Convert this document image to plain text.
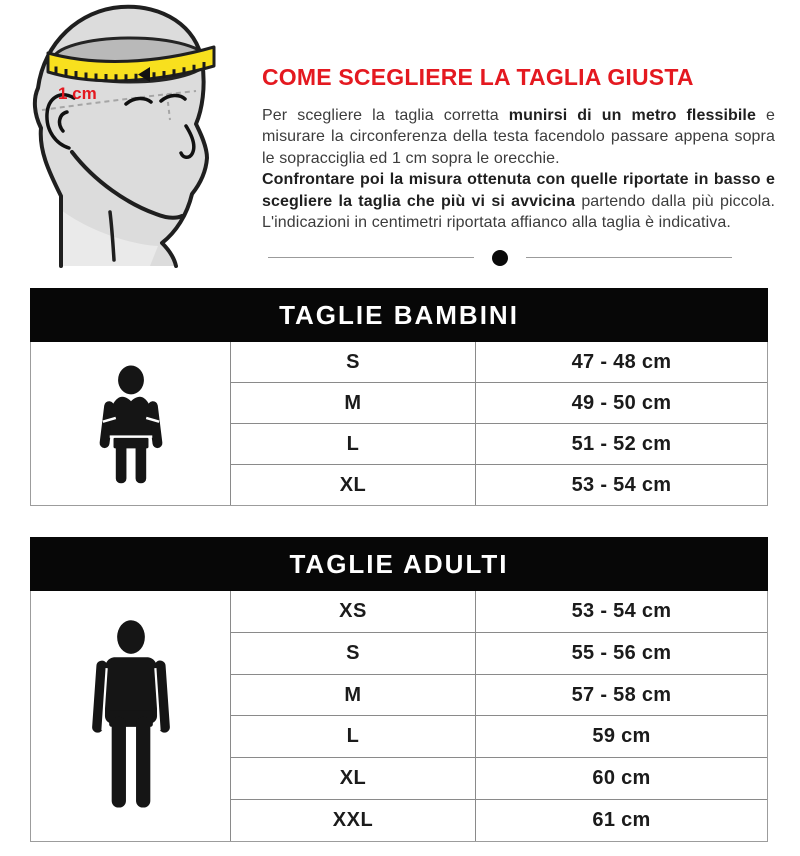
1 cm
COME SCEGLIERE LA TAGLIA GIUSTA

Per scegliere la taglia corretta munirsi di un metro flessibile e misurare la circonferenza della testa facendolo passare appena sopra le sopracciglia ed 1 cm sopra le orecchie.
Confrontare poi la misura ottenuta con quelle riportate in basso e scegliere la taglia che più vi si avvicina partendo dalla più piccola. L'indicazioni in centimetri riportata affianco alla taglia è indicativa.

TAGLIE BAMBINI
S	47 - 48 cm
M	49 - 50 cm
L	51 - 52 cm
XL	53 - 54 cm
TAGLIE ADULTI
XS	53 - 54 cm
S	55 - 56 cm
M	57 - 58 cm
L	59 cm
XL	60 cm
XXL	61 cm
